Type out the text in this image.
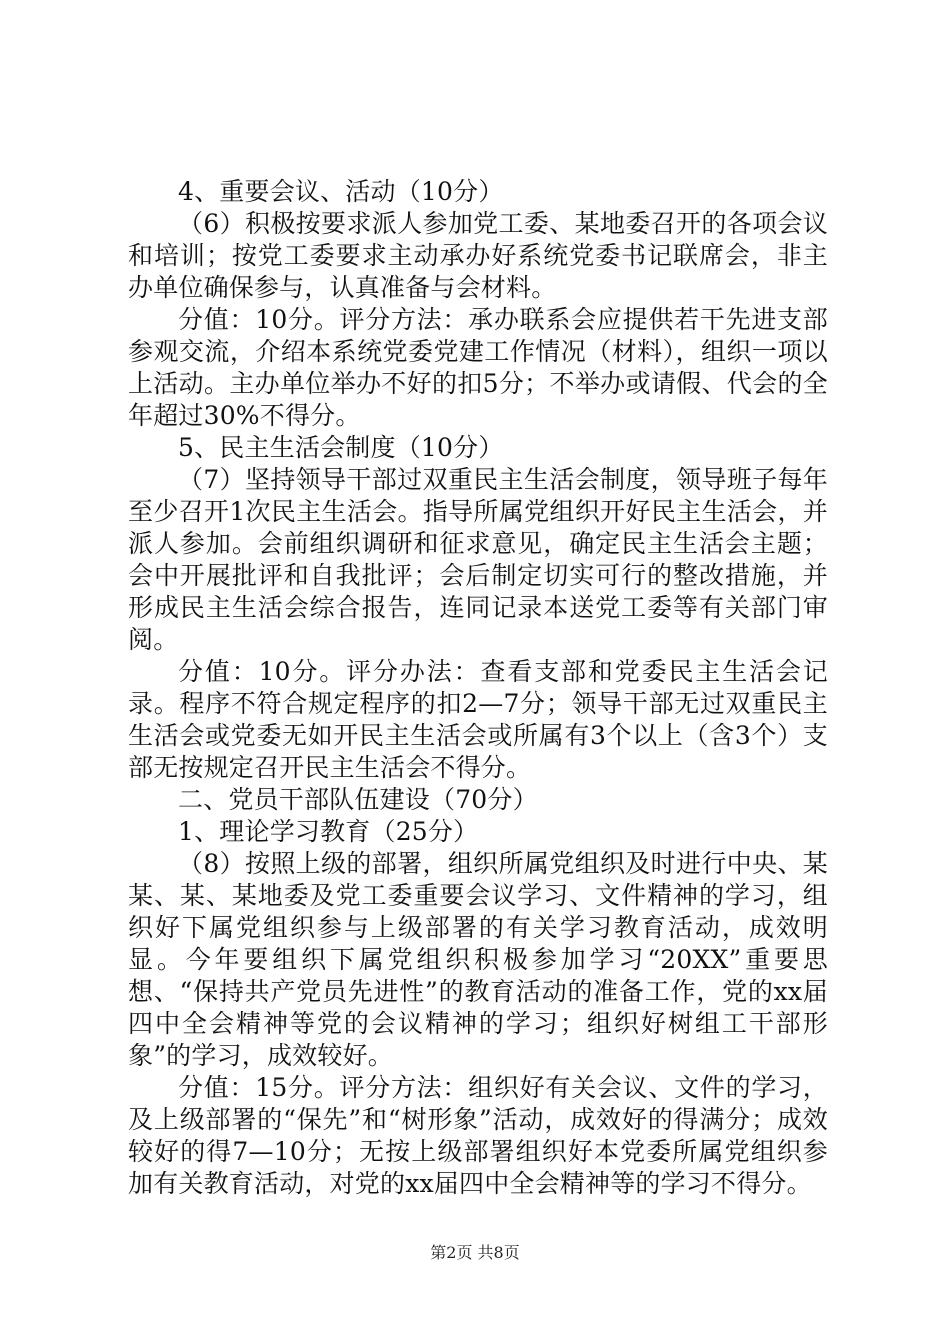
4、重要会议、活动（10分）

（6）积极按要求派人参加党工委、某地委召开的各项会议和培训；按党工委要求主动承办好系统党委书记联席会，非主办单位确保参与，认真准备与会材料。

分值：10分。评分方法：承办联系会应提供若干先进支部参观交流，介绍本系统党委党建工作情况（材料），组织一项以上活动。主办单位举办不好的扣5分；不举办或请假、代会的全年超过30%不得分。

5、民主生活会制度（10分）

（7）坚持领导干部过双重民主生活会制度，领导班子每年至少召开1次民主生活会。指导所属党组织开好民主生活会，并派人参加。会前组织调研和征求意见，确定民主生活会主题；会中开展批评和自我批评；会后制定切实可行的整改措施，并形成民主生活会综合报告，连同记录本送党工委等有关部门审阅。

分值：10分。评分办法：查看支部和党委民主生活会记录。程序不符合规定程序的扣2—7分；领导干部无过双重民主生活会或党委无如开民主生活会或所属有3个以上（含3个）支部无按规定召开民主生活会不得分。

二、党员干部队伍建设（70分）

1、理论学习教育（25分）

（8）按照上级的部署，组织所属党组织及时进行中央、某某、某、某地委及党工委重要会议学习、文件精神的学习，组织好下属党组织参与上级部署的有关学习教育活动，成效明显。今年要组织下属党组织积极参加学习“20XX”重要思想、“保持共产党员先进性”的教育活动的准备工作，党的xx届四中全会精神等党的会议精神的学习；组织好树组工干部形象”的学习，成效较好。

分值：15分。评分方法：组织好有关会议、文件的学习，及上级部署的“保先”和“树形象”活动，成效好的得满分；成效较好的得7—10分；无按上级部署组织好本党委所属党组织参加有关教育活动，对党的xx届四中全会精神等的学习不得分。

第2页 共8页
